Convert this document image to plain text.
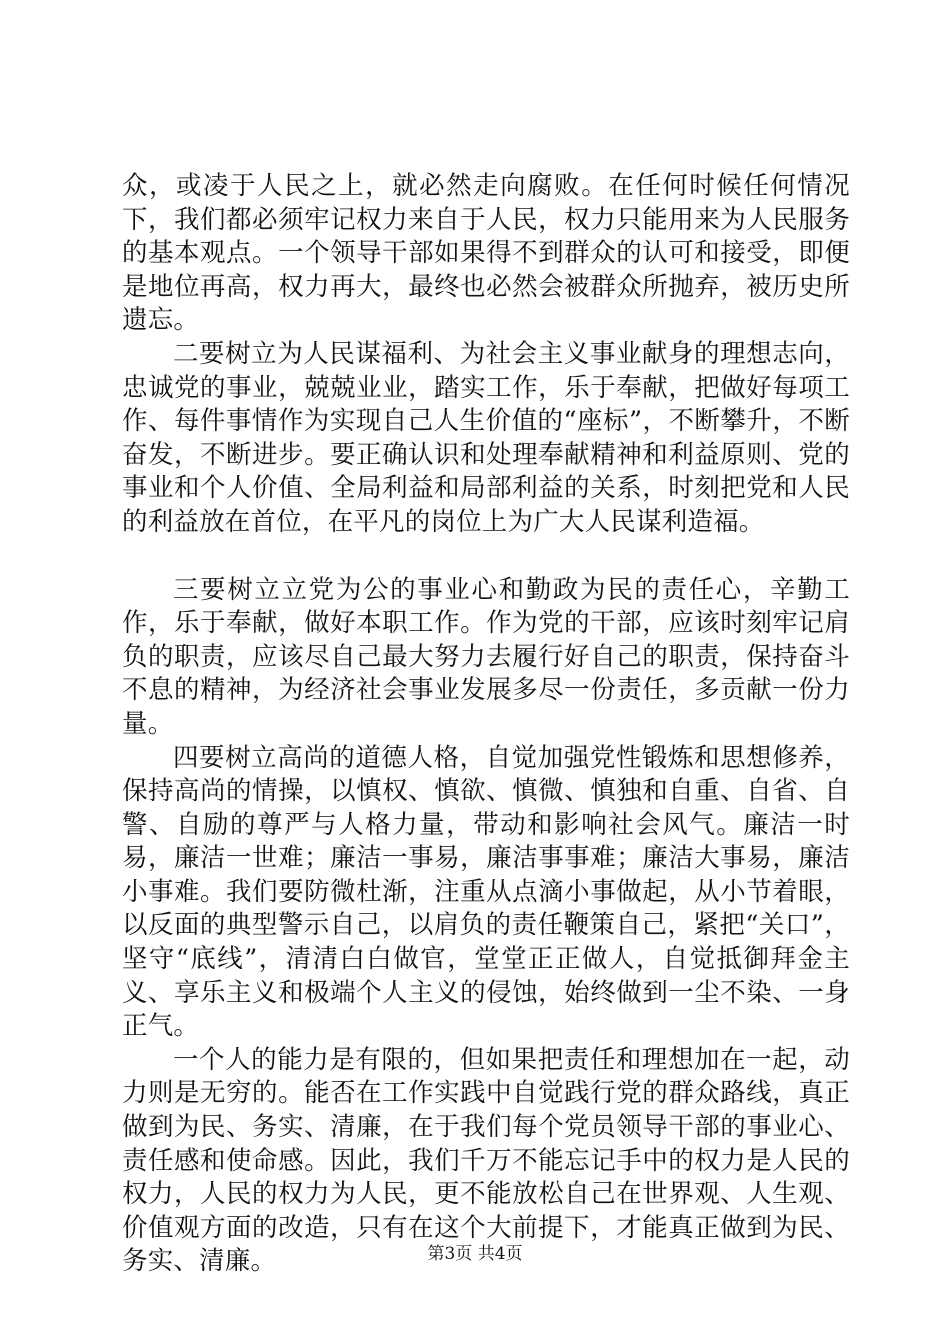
众，或凌于人民之上，就必然走向腐败。在任何时候任何情况下，我们都必须牢记权力来自于人民，权力只能用来为人民服务的基本观点。一个领导干部如果得不到群众的认可和接受，即便是地位再高，权力再大，最终也必然会被群众所抛弃，被历史所遗忘。

二要树立为人民谋福利、为社会主义事业献身的理想志向，忠诚党的事业，兢兢业业，踏实工作，乐于奉献，把做好每项工作、每件事情作为实现自己人生价值的“座标”，不断攀升，不断奋发，不断进步。要正确认识和处理奉献精神和利益原则、党的事业和个人价值、全局利益和局部利益的关系，时刻把党和人民的利益放在首位，在平凡的岗位上为广大人民谋利造福。

三要树立立党为公的事业心和勤政为民的责任心，辛勤工作，乐于奉献，做好本职工作。作为党的干部，应该时刻牢记肩负的职责，应该尽自己最大努力去履行好自己的职责，保持奋斗不息的精神，为经济社会事业发展多尽一份责任，多贡献一份力量。

四要树立高尚的道德人格，自觉加强党性锻炼和思想修养，保持高尚的情操，以慎权、慎欲、慎微、慎独和自重、自省、自警、自励的尊严与人格力量，带动和影响社会风气。廉洁一时易，廉洁一世难；廉洁一事易，廉洁事事难；廉洁大事易，廉洁小事难。我们要防微杜渐，注重从点滴小事做起，从小节着眼，以反面的典型警示自己，以肩负的责任鞭策自己，紧把“关口”，坚守“底线”，清清白白做官，堂堂正正做人，自觉抵御拜金主义、享乐主义和极端个人主义的侵蚀，始终做到一尘不染、一身正气。

一个人的能力是有限的，但如果把责任和理想加在一起，动力则是无穷的。能否在工作实践中自觉践行党的群众路线，真正做到为民、务实、清廉，在于我们每个党员领导干部的事业心、责任感和使命感。因此，我们千万不能忘记手中的权力是人民的权力，人民的权力为人民，更不能放松自己在世界观、人生观、价值观方面的改造，只有在这个大前提下，才能真正做到为民、务实、清廉。	第3页 共4页
